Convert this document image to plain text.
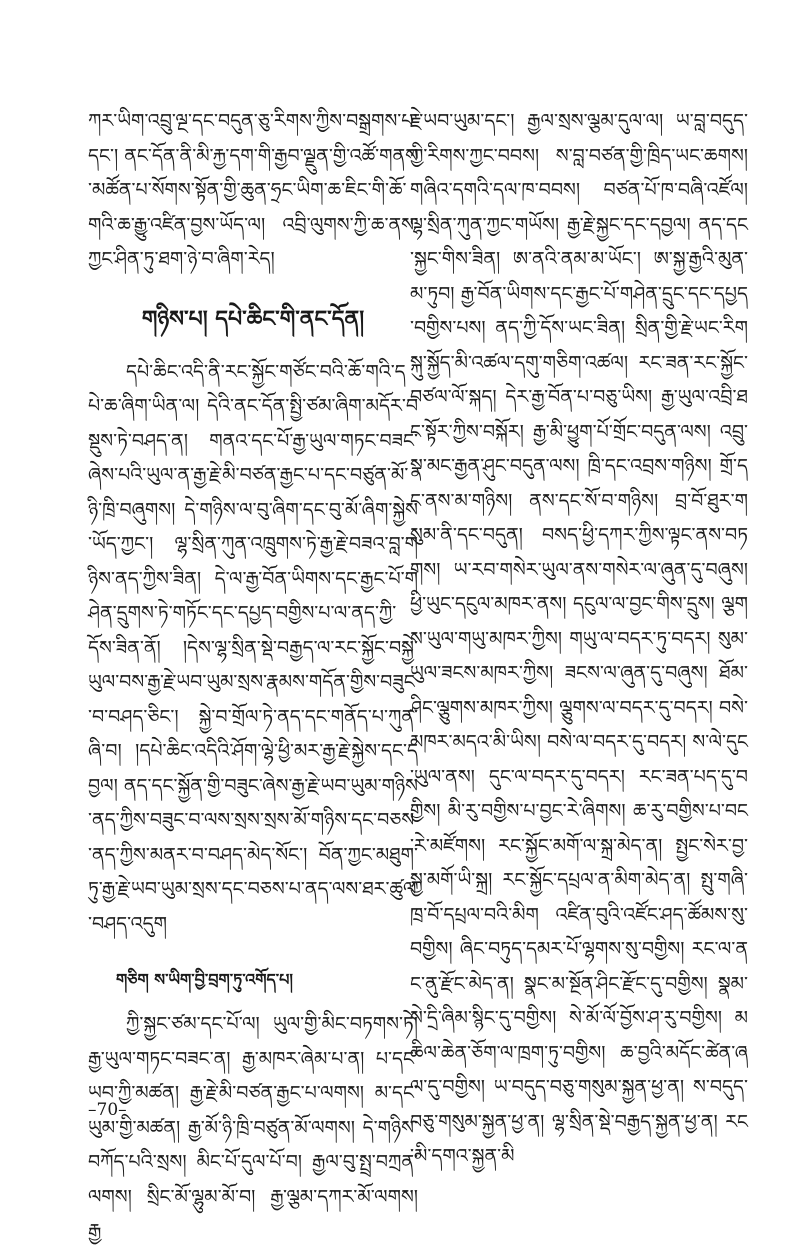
ཀར་ཡིག་འབྲུ་ལྔ་དང་བདུན་ཅུ་རིགས་ཀྱིས་བསྒྲགས་པ་དང་། ནང་དོན་ནི་མི་རྐྱ་དག་གི་རྒྱབ་ལྗུན་གྱི་འཚོ་གནས་མཚོན་པ་སོགས་སྟོན་གྱི་ཆུན་ཧྲང་ཡིག་ཆ་ཇིང་གི་ཆོ་གའི་ཆ་རྒྱུ་འཛིན་བྱས་ཡོད་ལ། འབྲི་ལུགས་ཀྱི་ཆ་ནས་ཀྱང་ཤིན་ཏུ་ཐག་ཉེ་བ་ཞིག་རེད།

གཉིས་པ། དཔེ་ཆིང་གི་ནང་དོན།

དཔེ་ཆིང་འདི་ནི་རང་སྐྱོང་གཙོང་བའི་ཆོ་གའི་དཔེ་ཆ་ཞིག་ཡིན་ལ། དེའི་ནང་དོན་སྤྱི་ཙམ་ཞིག་མདོར་བསྡུས་ཏེ་བཤད་ན། གནའ་དང་པོ་རྒྱ་ཡུལ་གཏང་བཟང་ཞེས་པའི་ཡུལ་ན་རྒྱ་རྗེ་མི་བཙན་རྒྱང་པ་དང་བཙུན་མོ་ཉི་ཁྲི་བཞུགས། དེ་གཉིས་ལ་བུ་ཞིག་དང་བུ་མོ་ཞིག་སྐྱེས་ཡོད་ཀྱང་། ལྷ་སྲིན་ཀུན་འཁྲུགས་ཏེ་རྒྱ་རྗེ་བཟའ་བླ་གཉིས་ནད་ཀྱིས་ཟིན། དེ་ལ་རྒྱ་བོན་ཡིགས་དང་རྒྱང་པོ་གཤེན་དྲུགས་ཏེ་གཏོང་དང་དཔྱད་བགྱིས་པ་ལ་ནད་ཀྱི་དོས་ཟིན་ནོ། །དེས་ལྷ་སྲིན་སྡེ་བརྒྱད་ལ་རང་སྐྱོང་བསྐྱེ་ཡུལ་བས་རྒྱ་རྗེ་ཡབ་ཡུམ་སྲས་རྣམས་གདོན་གྱིས་བཟུང་བ་བཤད་ཅིང་། སྐྱེ་བ་གྲོལ་ཏེ་ནད་དང་གནོད་པ་ཀུན་ཞི་བ། །དཔེ་ཆིང་འདིའི་ཤོག་ལྷེ་ཕྱི་མར་རྒྱ་རྗེ་སྐྱེས་དང་དབྱལ། ནད་དང་སྐྱོན་གྱི་བཟུང་ཞེས་རྒྱ་རྗེ་ཡབ་ཡུམ་གཉིས་ནད་ཀྱིས་བཟུང་བ་ལས་སྲས་སྲས་མོ་གཉིས་དང་བཅས་ནད་ཀྱིས་མནར་བ་བཤད་མེད་སོང་། བོན་ཀྱང་མཐུག་ཏུ་རྒྱ་རྗེ་ཡབ་ཡུམ་སྲས་དང་བཅས་པ་ནད་ལས་ཐར་ཚུལ་བཤད་འདུག

གཅིག ས་ཡིག་བྱི་བྲག་ཏུ་འགོད་པ།

ཀྱི་སྐྱང་ཙམ་དང་པོ་ལ། ཡུལ་གྱི་མིང་བཏགས་ཏེ། རྒྱ་ཡུལ་གཏང་བཟང་ན། རྒྱ་མཁར་ཞེམ་པ་ན། པ་དང་ཡབ་ཀྱི་མཚན། རྒྱ་རྗེ་མི་བཙན་རྒྱང་པ་ལགས། མ་དང་ཡུམ་གྱི་མཚན། རྒྱ་མོ་ཉི་ཁྲི་བཙུན་མོ་ལགས། དེ་གཉིས་བཀོད་པའི་སྲས། མིང་པོ་དུལ་པོ་བ། རྒྱལ་བུ་སྤྲ་བཀྲན་ལགས། སྲིང་མོ་ལྷུམ་མོ་བ། རྒྱ་ལྕམ་དཀར་མོ་ལགས། རྒྱ

རྗེ་ཡབ་ཡུམ་དང་། རྒྱལ་སྲས་ལྕམ་དུལ་ལ། ཡ་བླ་བདུད་ཀྱི་རིགས་ཀྱང་བབས། ས་བླ་བཙན་གྱི་ཁྲིད་ཡང་ཆགས། གཞིའ་དགའི་དལ་ཁ་བབས། བཙན་པོ་ཁ་བཞི་འཛོལ། ལྷ་སྲིན་ཀུན་ཀྱང་གཡོས། རྒྱ་རྗེ་སྐྱང་དང་དབྱལ། ནད་དང་སྐྱང་གིས་ཟིན། ཨ་ནའི་ནམ་མ་ཡོང་། ཨ་སྐྱ་རྒྱའི་མུན་མ་ཏུབ། རྒྱ་བོན་ཡིགས་དང་རྒྱང་པོ་གཤེན་དྲུང་དང་དཔྱད་བགྱིས་པས། ནད་ཀྱི་དོས་ཡང་ཟིན། སྲིན་གྱི་རྗེ་ཡང་རིག སྐུ་སྐྱོད་མི་འཚལ་དགུ་གཅིག་འཚལ། རང་ཟན་རང་སྐྱོང་བཙལ་ལོ་སྐད། དེར་རྒྱ་བོན་པ་བཅུ་ཡིས། རྒྱ་ཡུལ་འབྲི་ཐང་སྟོར་ཀྱིས་བསྐོར། རྒྱ་མི་ཕྱུག་པོ་གྲོང་བདུན་ལས། འབྲུ་སྣ་མང་རྒྱན་ཤུང་བདུན་ལས། ཁྲི་དང་འབྲས་གཉིས། གྲོ་དང་ནས་མ་གཉིས། ནས་དང་སོ་བ་གཉིས། བྲ་བོ་ཐུར་གསུམ་ནི་དང་བདུན། བསད་ཕྱི་དཀར་ཀྱིས་ལྟང་ནས་བཏགས། ཡ་རབ་གསེར་ཡུལ་ནས་གསེར་ལ་ཞུན་དུ་བཞུས། ཕྱི་ཡུང་དངུལ་མཁར་ནས། དངུལ་ལ་བྱང་གིས་དྲུས། ལྕགས་ཡུལ་གཡུ་མཁར་ཀྱིས། གཡུ་ལ་བདར་ཏུ་བདར། སུམ་ཡུལ་ཟངས་མཁར་ཀྱིས། ཟངས་ལ་ཞུན་དུ་བཞུས། ཐོམ་ཤིང་ལྕུགས་མཁར་ཀྱིས། ལྕུགས་ལ་བདར་དུ་བདར། བསེ་མཁར་མདའ་མི་ཡིས། བསེ་ལ་བདར་དུ་བདར། ས་ལེ་དུང་ཡུལ་ནས། དུང་ལ་བདར་དུ་བདར། རང་ཟན་པད་དུ་བགྱིས། མི་རུ་བགྱིས་པ་བྱང་རེ་ཞིགས། ཆ་རུ་བགྱིས་པ་བང་རེ་མཛོགས། རང་སྐྱོང་མགོ་ལ་སྐྲ་མེད་ན། སྤྱང་སེར་བྱ་སྐྱ་མགོ་ཡི་སྐྲ། རང་སྐྱོང་དཔྲལ་ན་མིག་མེད་ན། སྤུ་གཞི་ཁྲ་བོ་དཔྲལ་བའི་མིག འཛིན་བུའི་འཛོང་ཤད་ཚོམས་སུ་བགྱིས། ཞིང་བཏུད་དམར་པོ་ལྷགས་སུ་བགྱིས། རང་ལ་ནང་ནུ་རྫོང་མེད་ན། སྣང་མ་སྔོན་ཤིང་རྫོང་དུ་བགྱིས། སྣམ་སེ་དྲི་ཞིམ་སྙིང་དུ་བགྱིས། སེ་མོ་ལོ་བྱོས་ཤ་རུ་བགྱིས། མཆིལ་ཆེན་ཅོག་ལ་ཁྲག་ཏུ་བགྱིས། ཆ་བྱའི་མདོང་ཚེན་ཞལ་དུ་བགྱིས། ཡ་བདུད་བཅུ་གསུམ་སྐྱན་ཕྱ་ན། ས་བདུད་བཅུ་གསུམ་སྐྱན་ཕྱ་ན། ལྷ་སྲིན་སྡེ་བརྒྱད་སྐྱན་ཕྱ་ན། རང་མི་དགའ་སྐྱན་མི

–70–
